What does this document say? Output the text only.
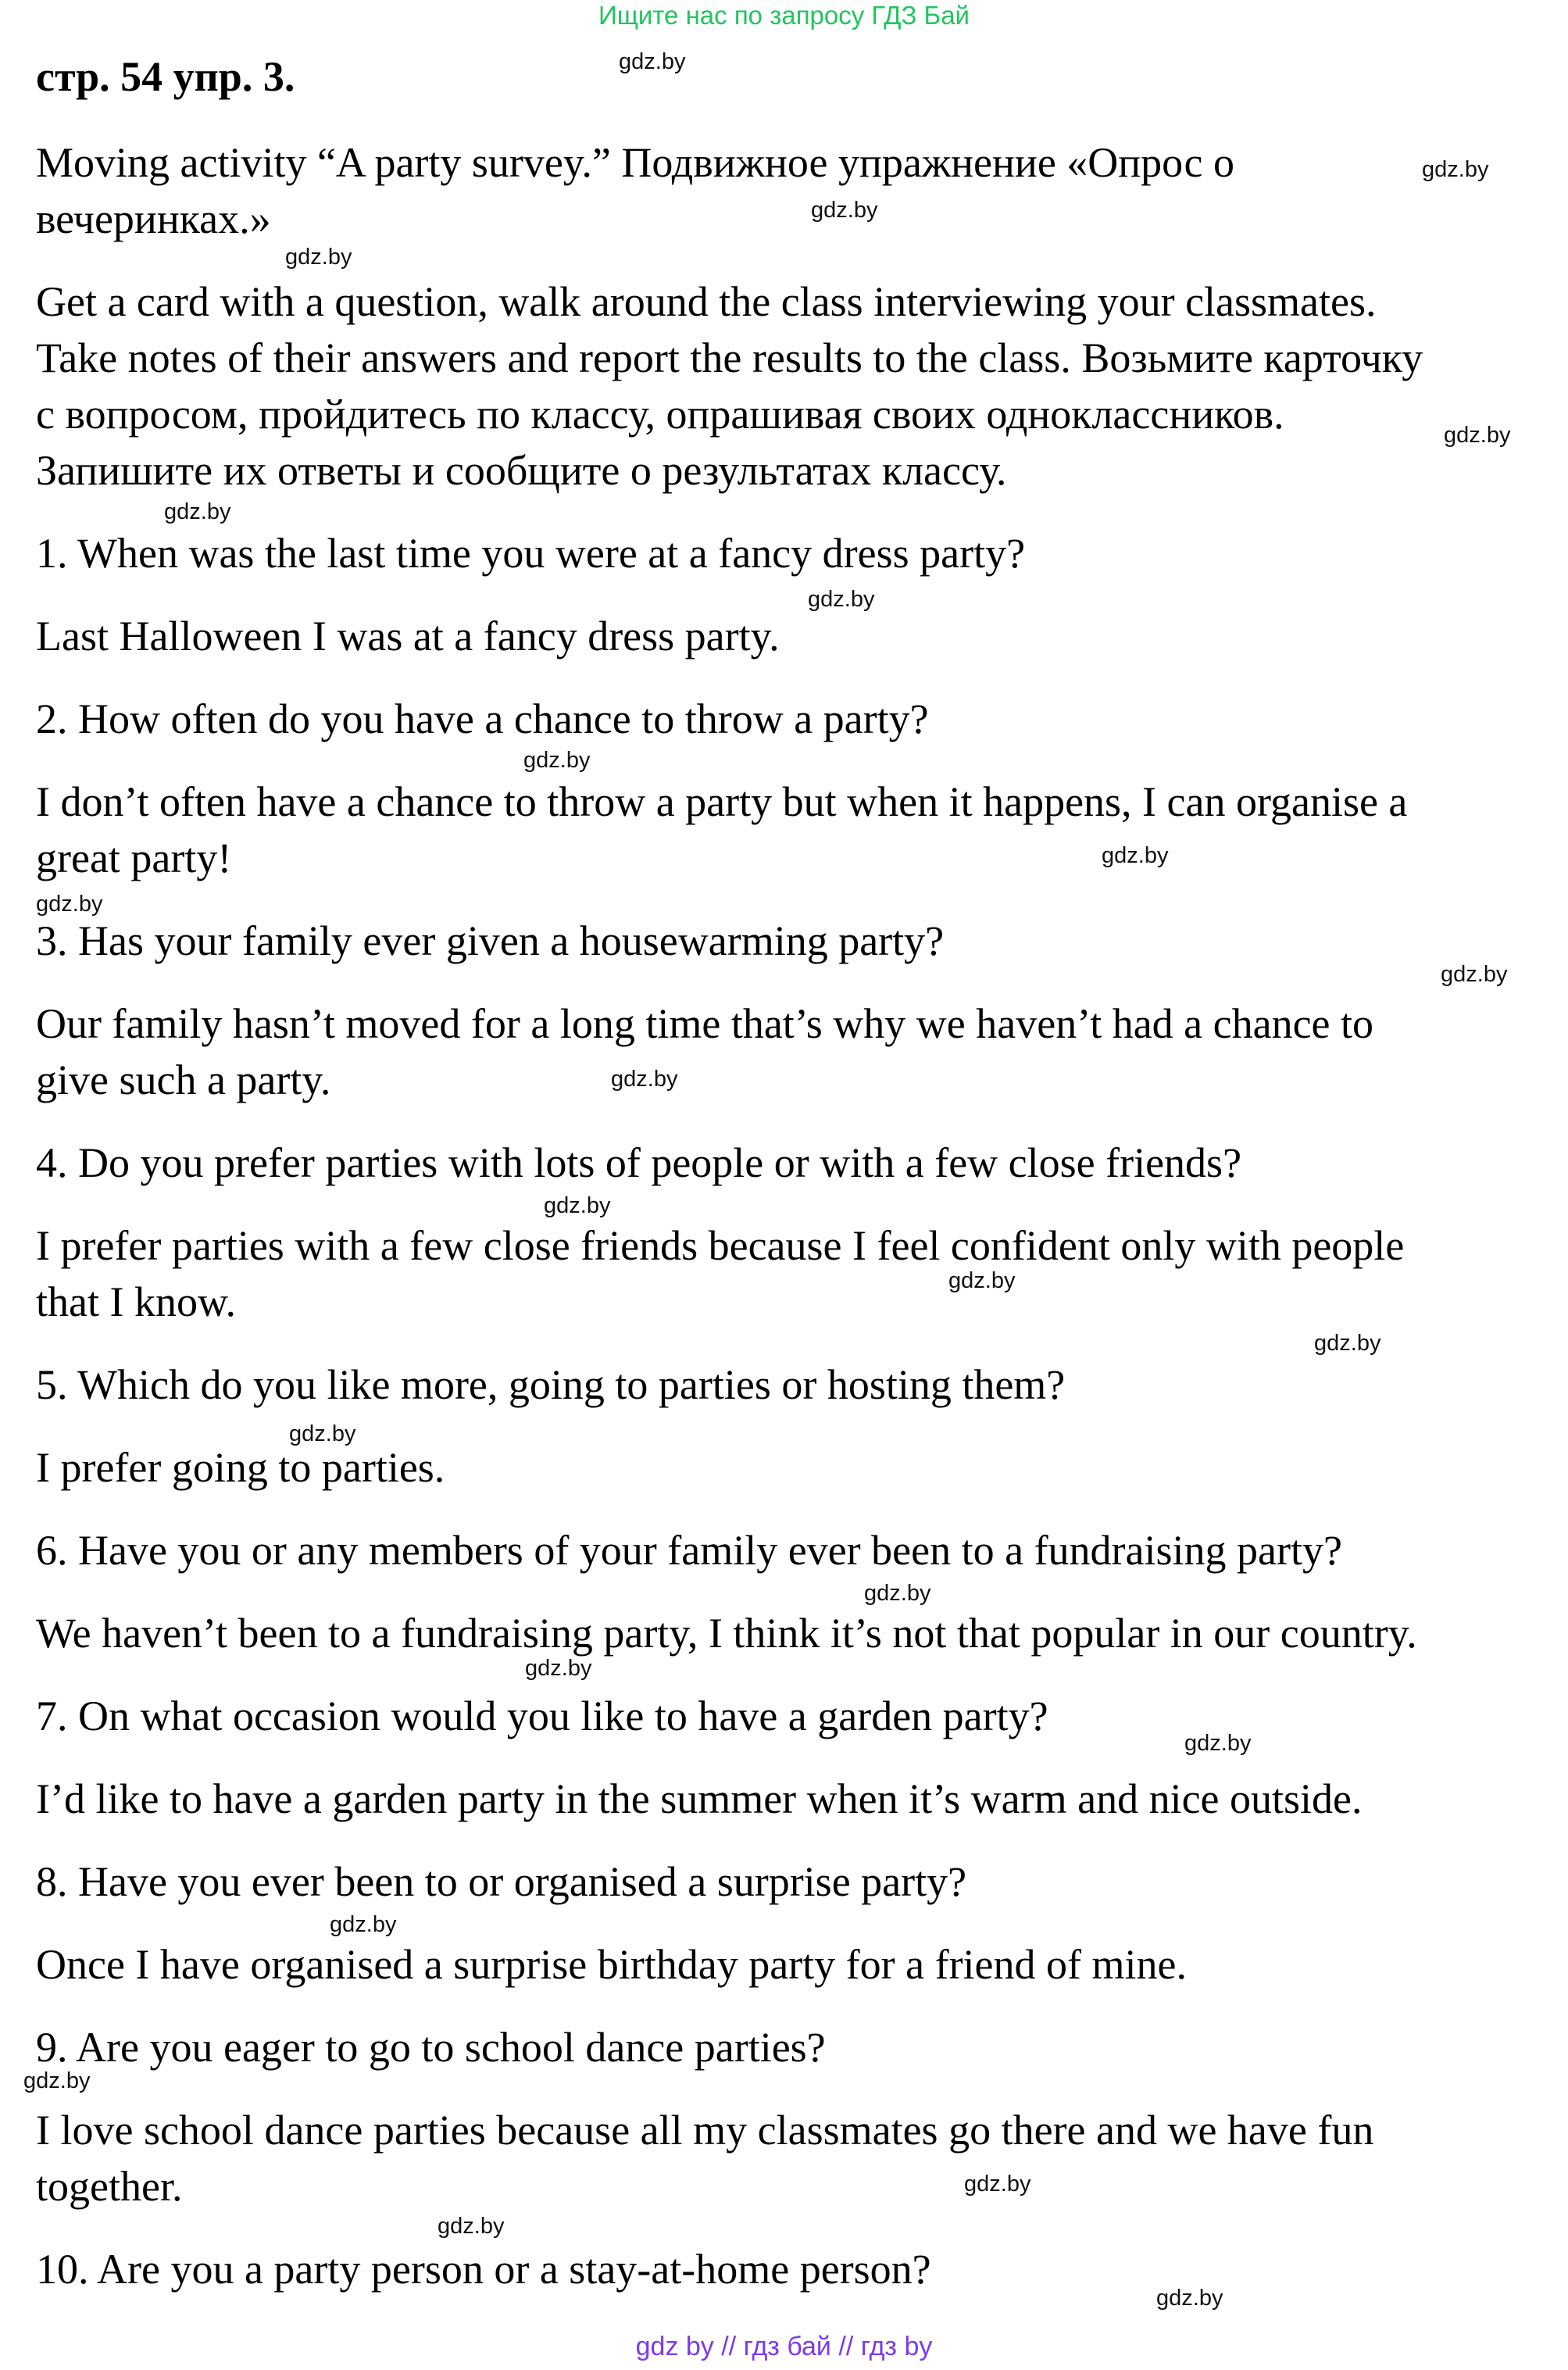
Ищите нас по запросу ГДЗ Бай
стр. 54 упр. 3.
Moving activity “A party survey.” Подвижное упражнение «Опрос о
вечеринках.»
Get a card with a question, walk around the class interviewing your classmates.
Take notes of their answers and report the results to the class. Возьмите карточку
с вопросом, пройдитесь по классу, опрашивая своих одноклассников.
Запишите их ответы и сообщите о результатах классу.
1. When was the last time you were at a fancy dress party?
Last Halloween I was at a fancy dress party.
2. How often do you have a chance to throw a party?
I don’t often have a chance to throw a party but when it happens, I can organise a
great party!
3. Has your family ever given a housewarming party?
Our family hasn’t moved for a long time that’s why we haven’t had a chance to
give such a party.
4. Do you prefer parties with lots of people or with a few close friends?
I prefer parties with a few close friends because I feel confident only with people
that I know.
5. Which do you like more, going to parties or hosting them?
I prefer going to parties.
6. Have you or any members of your family ever been to a fundraising party?
We haven’t been to a fundraising party, I think it’s not that popular in our country.
7. On what occasion would you like to have a garden party?
I’d like to have a garden party in the summer when it’s warm and nice outside.
8. Have you ever been to or organised a surprise party?
Once I have organised a surprise birthday party for a friend of mine.
9. Are you eager to go to school dance parties?
I love school dance parties because all my classmates go there and we have fun
together.
10. Are you a party person or a stay-at-home person?
gdz.by
gdz.by
gdz.by
gdz.by
gdz.by
gdz.by
gdz.by
gdz.by
gdz.by
gdz.by
gdz.by
gdz.by
gdz.by
gdz.by
gdz.by
gdz.by
gdz.by
gdz.by
gdz.by
gdz.by
gdz.by
gdz.by
gdz.by
gdz.by
gdz by // гдз бай // гдз by
